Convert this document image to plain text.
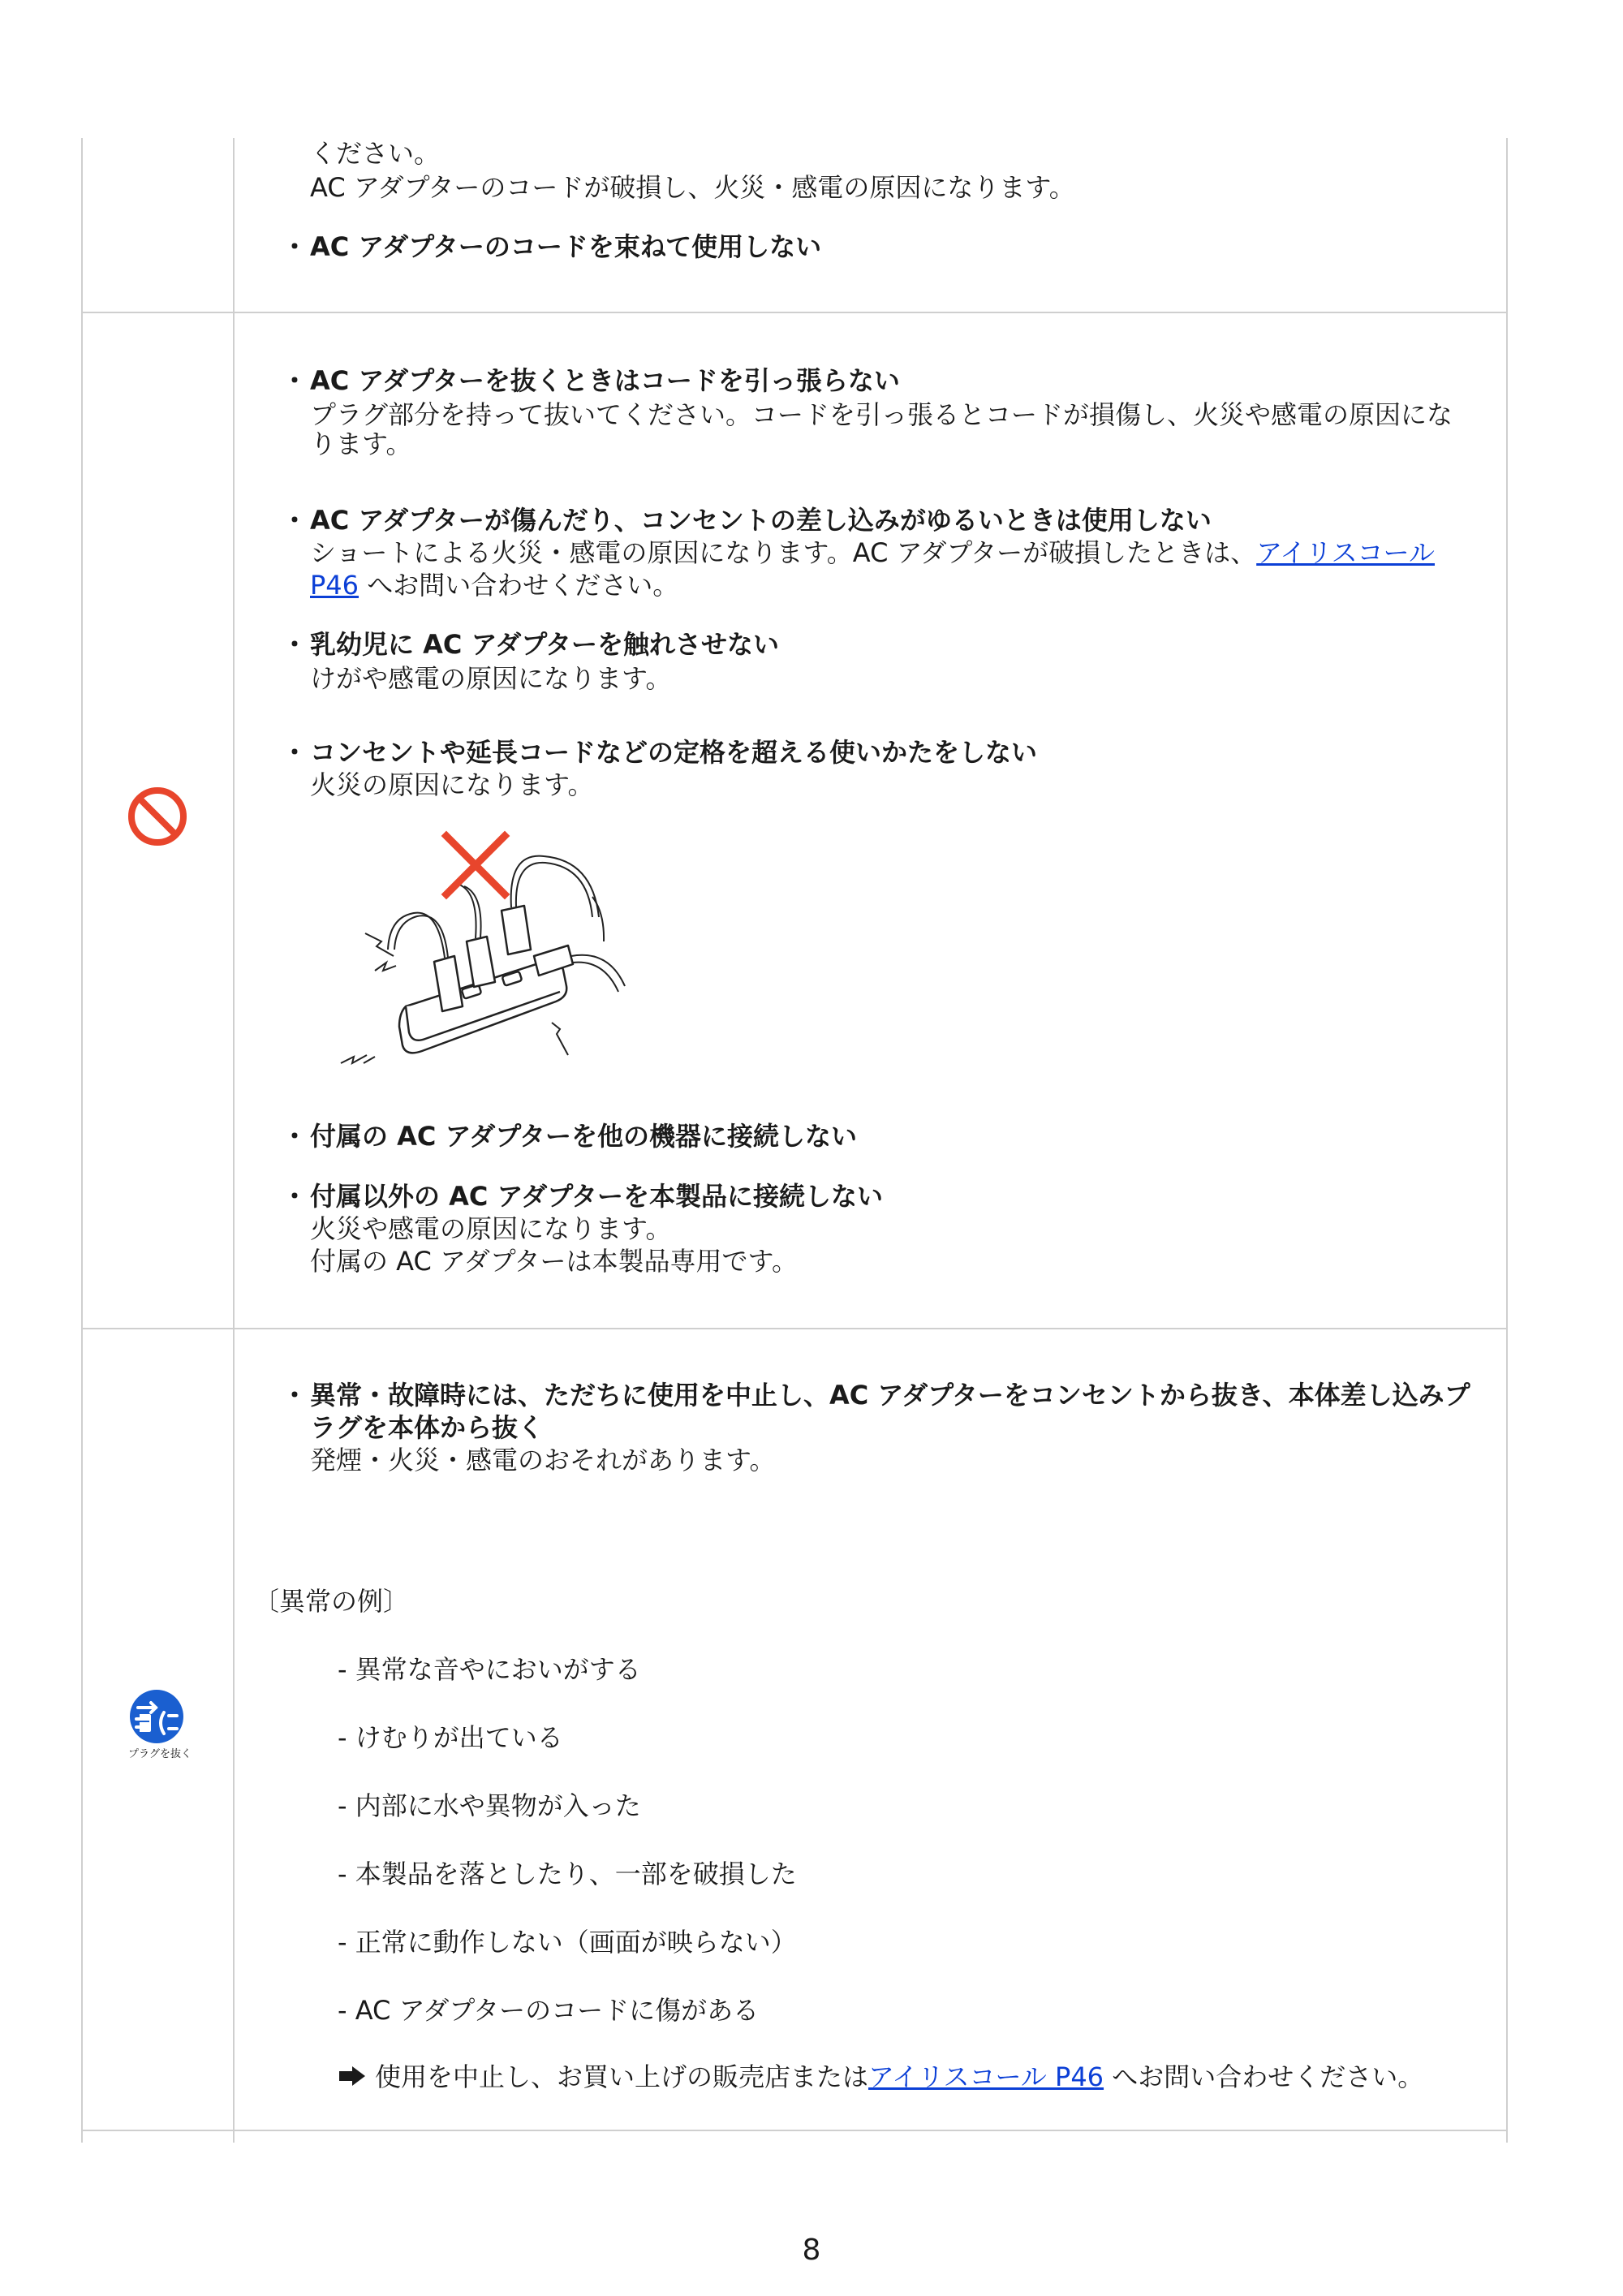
ください。
AC アダプターのコードが破損し、火災・感電の原因になります。
・ AC アダプターのコードを束ねて使用しない
・ AC アダプターを抜くときはコードを引っ張らない
プラグ部分を持って抜いてください。コードを引っ張るとコードが損傷し、火災や感電の原因にな
ります。
・ AC アダプターが傷んだり、コンセントの差し込みがゆるいときは使用しない
ショートによる火災・感電の原因になります。AC アダプターが破損したときは、アイリスコール
P46 へお問い合わせください。
・ 乳幼児に AC アダプターを触れさせない
けがや感電の原因になります。
・ コンセントや延長コードなどの定格を超える使いかたをしない
火災の原因になります。
・ 付属の AC アダプターを他の機器に接続しない
・ 付属以外の AC アダプターを本製品に接続しない
火災や感電の原因になります。
付属の AC アダプターは本製品専用です。
プラグを抜く
・ 異常・故障時には、ただちに使用を中止し、AC アダプターをコンセントから抜き、本体差し込みプ
ラグを本体から抜く
発煙・火災・感電のおそれがあります。
〔異常の例〕
- 異常な音やにおいがする
- けむりが出ている
- 内部に水や異物が入った
- 本製品を落としたり、一部を破損した
- 正常に動作しない（画面が映らない）
- AC アダプターのコードに傷がある
使用を中止し、お買い上げの販売店またはアイリスコール P46 へお問い合わせください。
8
